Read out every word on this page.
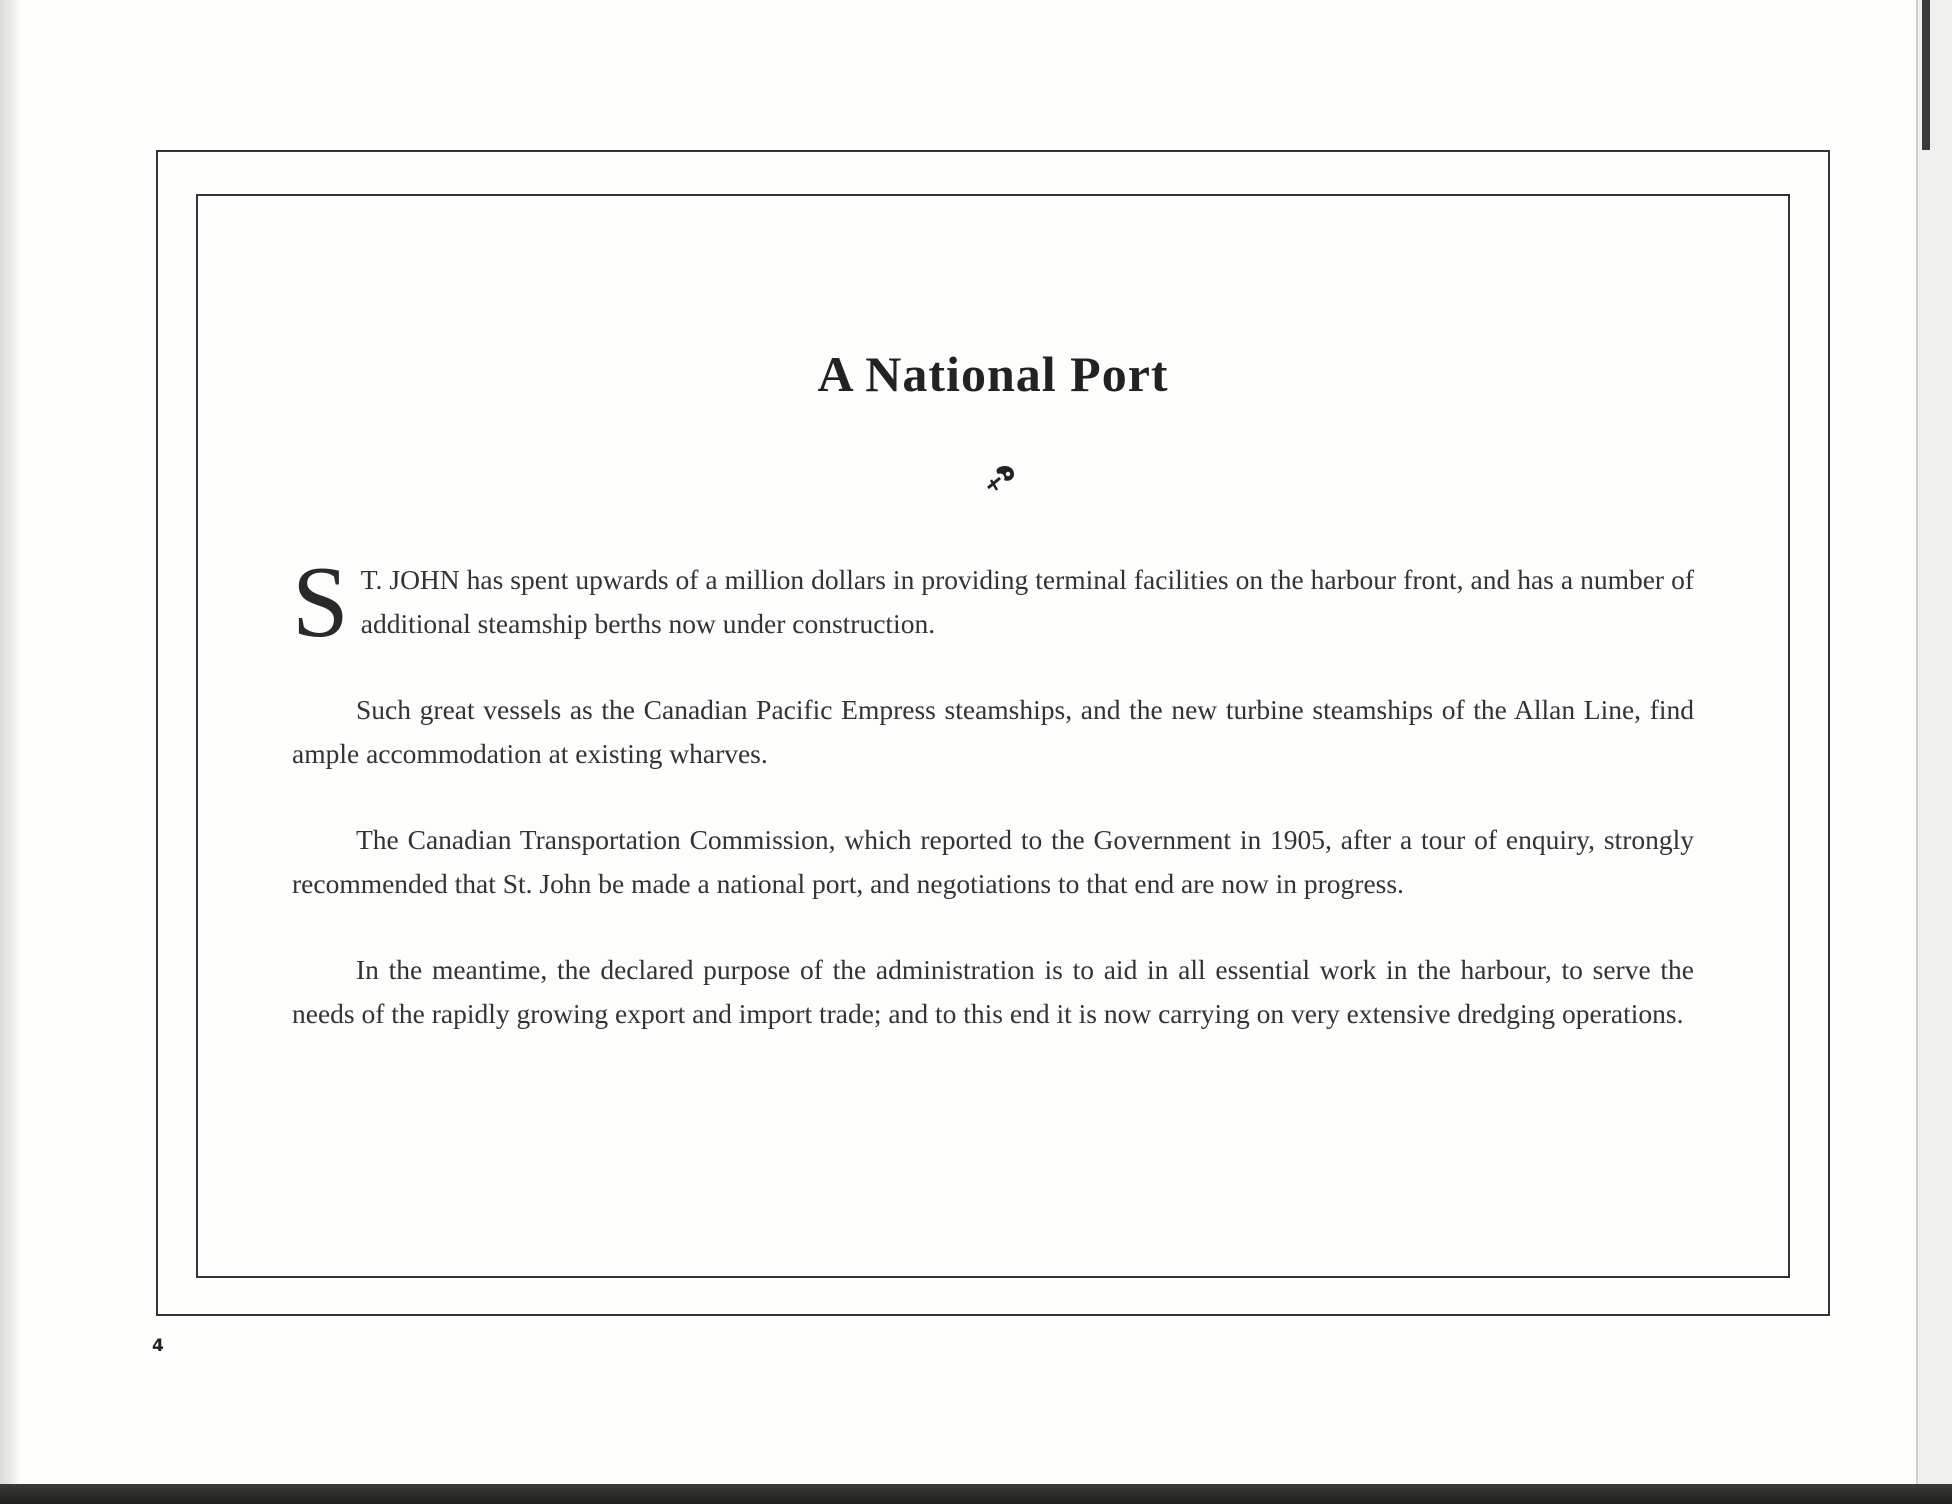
A National Port

S T. JOHN has spent upwards of a million dollars in providing terminal facilities on the harbour front, and has a number of additional steamship berths now under construction.

Such great vessels as the Canadian Pacific Empress steamships, and the new turbine steamships of the Allan Line, find ample accommodation at existing wharves.

The Canadian Transportation Commission, which reported to the Government in 1905, after a tour of enquiry, strongly recommended that St. John be made a national port, and negotiations to that end are now in progress.

In the meantime, the declared purpose of the administration is to aid in all essential work in the harbour, to serve the needs of the rapidly growing export and import trade; and to this end it is now carrying on very extensive dredging operations.

4
